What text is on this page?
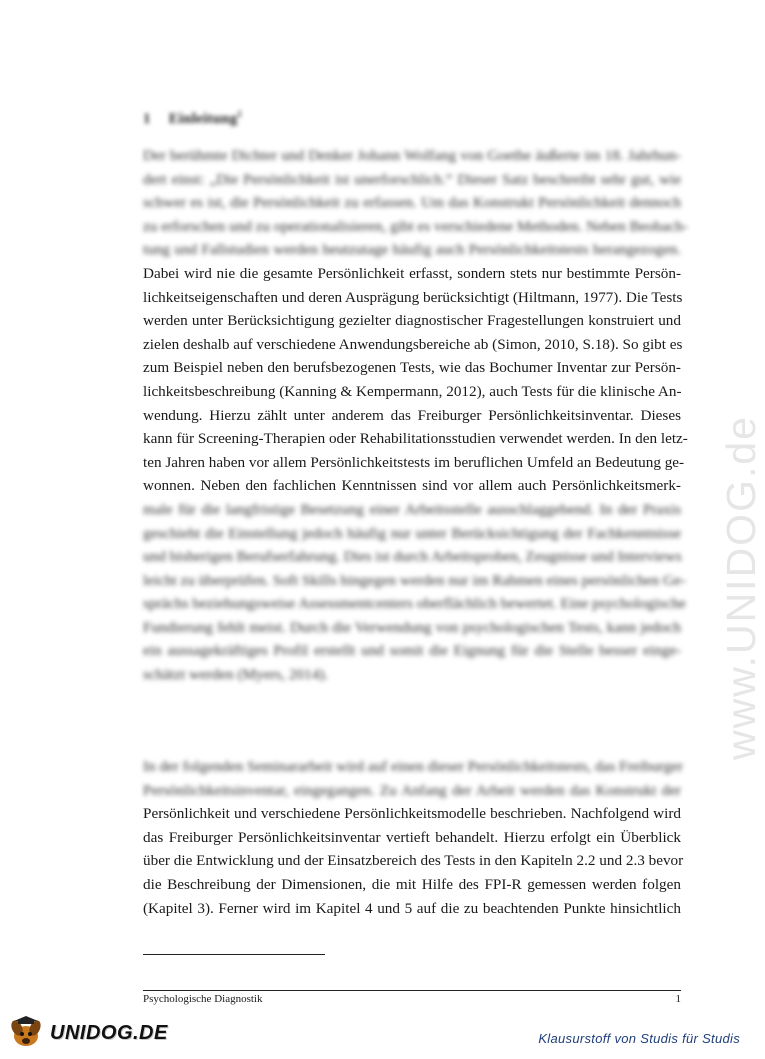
1 Einleitung$^1$
Der berühmte Dichter und Denker Johann Wolfang von Goethe äußerte im 18. Jahrhun-
dert einst: „Die Persönlichkeit ist unerforschlich.“ Dieser Satz beschreibt sehr gut, wie
schwer es ist, die Persönlichkeit zu erfassen. Um das Konstrukt Persönlichkeit dennoch
zu erforschen und zu operationalisieren, gibt es verschiedene Methoden. Neben Beobach-
tung und Fallstudien werden heutzutage häufig auch Persönlichkeitstests herangezogen.
Dabei wird nie die gesamte Persönlichkeit erfasst, sondern stets nur bestimmte Persön-
lichkeitseigenschaften und deren Ausprägung berücksichtigt (Hiltmann, 1977). Die Tests
werden unter Berücksichtigung gezielter diagnostischer Fragestellungen konstruiert und
zielen deshalb auf verschiedene Anwendungsbereiche ab (Simon, 2010, S.18). So gibt es
zum Beispiel neben den berufsbezogenen Tests, wie das Bochumer Inventar zur Persön-
lichkeitsbeschreibung (Kanning & Kempermann, 2012), auch Tests für die klinische An-
wendung. Hierzu zählt unter anderem das Freiburger Persönlichkeitsinventar. Dieses
kann für Screening-Therapien oder Rehabilitationsstudien verwendet werden. In den letz-
ten Jahren haben vor allem Persönlichkeitstests im beruflichen Umfeld an Bedeutung ge-
wonnen. Neben den fachlichen Kenntnissen sind vor allem auch Persönlichkeitsmerk-
male für die langfristige Besetzung einer Arbeitsstelle ausschlaggebend. In der Praxis
geschieht die Einstellung jedoch häufig nur unter Berücksichtigung der Fachkenntnisse
und bisherigen Berufserfahrung. Dies ist durch Arbeitsproben, Zeugnisse und Interviews
leicht zu überprüfen. Soft Skills hingegen werden nur im Rahmen eines persönlichen Ge-
sprächs beziehungsweise Assessmentcenters oberflächlich bewertet. Eine psychologische
Fundierung fehlt meist. Durch die Verwendung von psychologischen Tests, kann jedoch
ein aussagekräftiges Profil erstellt und somit die Eignung für die Stelle besser einge-
schätzt werden (Myers, 2014).
In der folgenden Seminararbeit wird auf einen dieser Persönlichkeitstests, das Freiburger
Persönlichkeitsinventar, eingegangen. Zu Anfang der Arbeit werden das Konstrukt der
Persönlichkeit und verschiedene Persönlichkeitsmodelle beschrieben. Nachfolgend wird
das Freiburger Persönlichkeitsinventar vertieft behandelt. Hierzu erfolgt ein Überblick
über die Entwicklung und der Einsatzbereich des Tests in den Kapiteln 2.2 und 2.3 bevor
die Beschreibung der Dimensionen, die mit Hilfe des FPI-R gemessen werden folgen
(Kapitel 3). Ferner wird im Kapitel 4 und 5 auf die zu beachtenden Punkte hinsichtlich
Psychologische Diagnostik	1
www.UNIDOG.de
UNIDOG.DE	Klausurstoff von Studis für Studis
